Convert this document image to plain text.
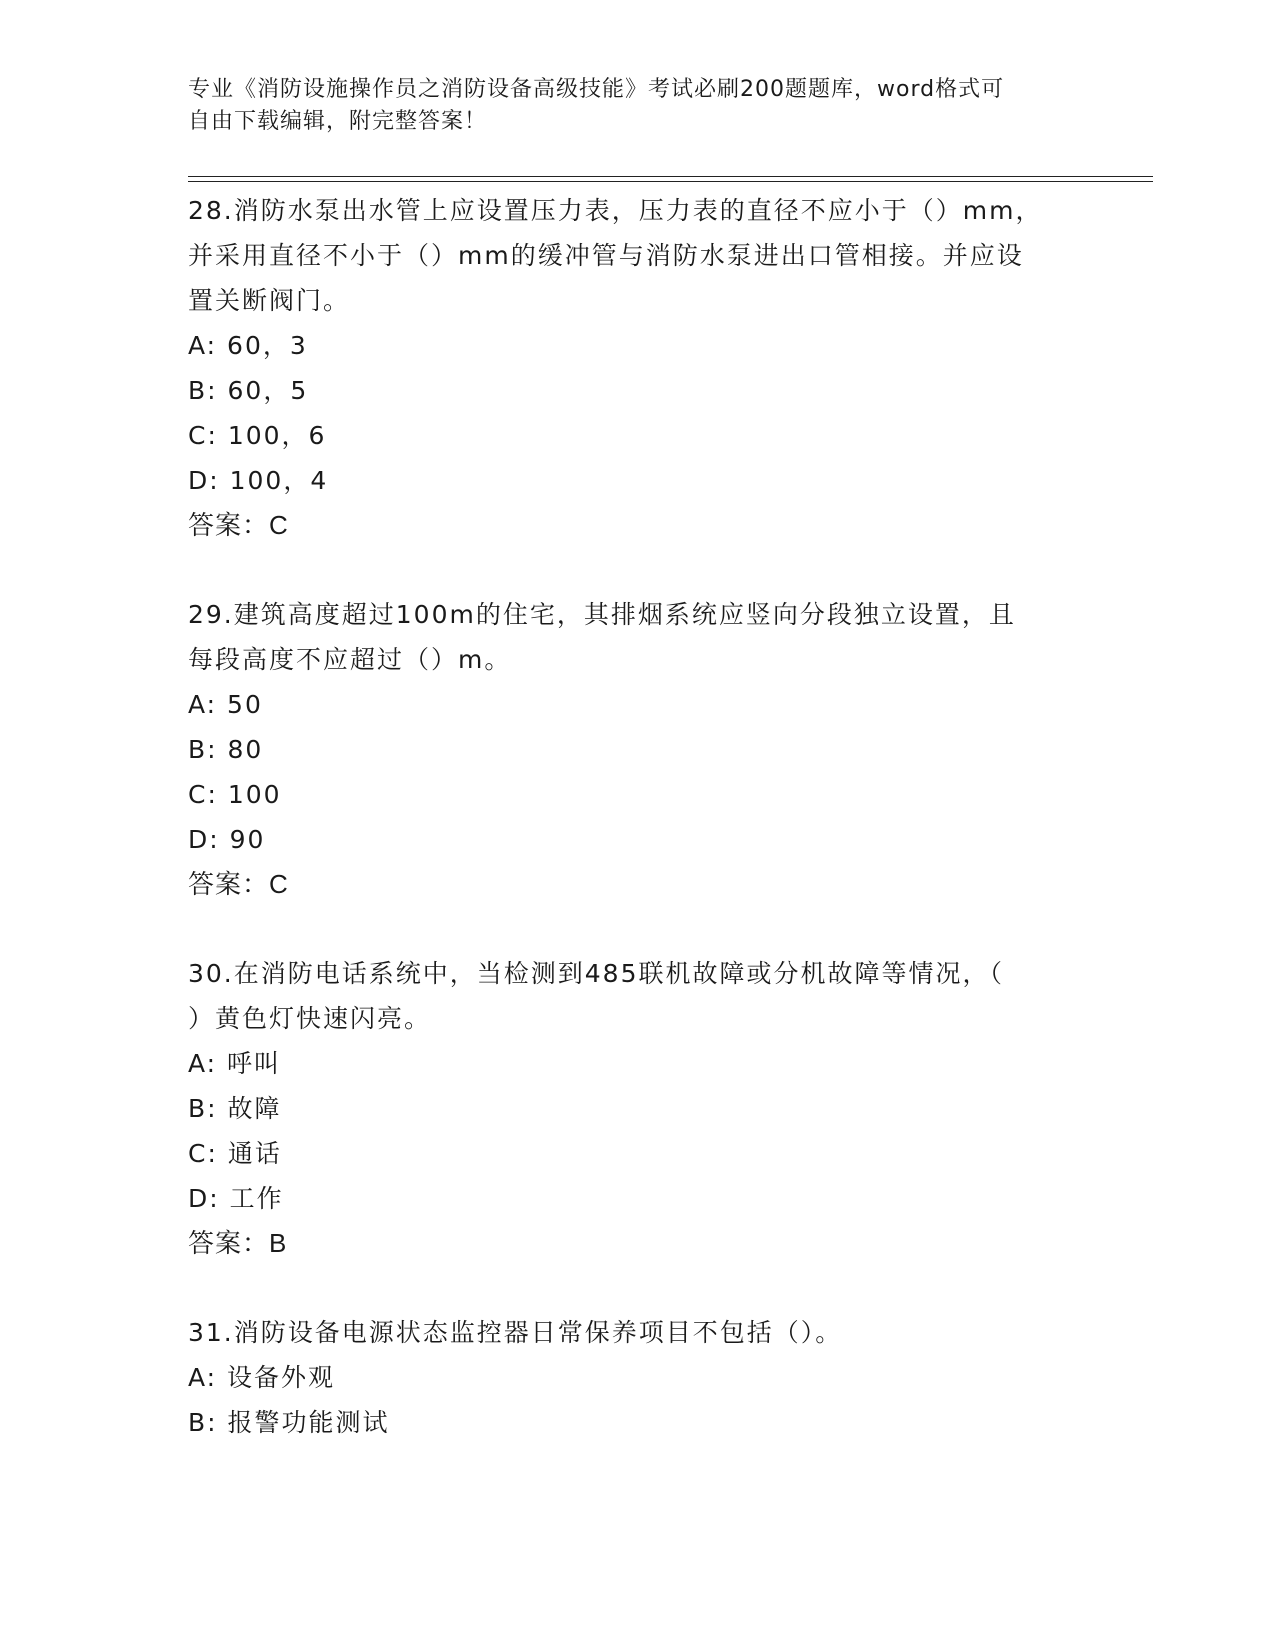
专业《消防设施操作员之消防设备高级技能》考试必刷200题题库，word格式可
自由下载编辑，附完整答案！
28.消防水泵出水管上应设置压力表，压力表的直径不应小于（）mm，
并采用直径不小于（）mm的缓冲管与消防水泵进出口管相接。并应设
置关断阀门。
A: 60，3
B: 60，5
C: 100，6
D: 100，4
答案：C
29.建筑高度超过100m的住宅，其排烟系统应竖向分段独立设置，且
每段高度不应超过（）m。
A: 50
B: 80
C: 100
D: 90
答案：C
30.在消防电话系统中，当检测到485联机故障或分机故障等情况，（
）黄色灯快速闪亮。
A: 呼叫
B: 故障
C: 通话
D: 工作
答案：B
31.消防设备电源状态监控器日常保养项目不包括（）。
A: 设备外观
B: 报警功能测试
